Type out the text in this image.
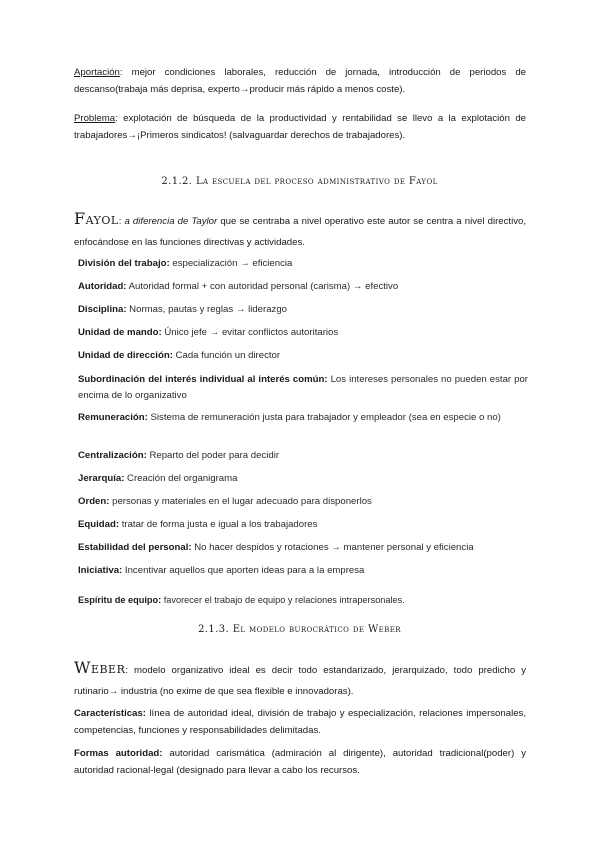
Aportación: mejor condiciones laborales, reducción de jornada, introducción de periodos de descanso(trabaja más deprisa, experto→producir más rápido a menos coste).

Problema: explotación de búsqueda de la productividad y rentabilidad se llevo a la explotación de trabajadores→¡Primeros sindicatos! (salvaguardar derechos de trabajadores).

2.1.2. La escuela del proceso administrativo de Fayol

Fayol: a diferencia de Taylor que se centraba a nivel operativo este autor se centra a nivel directivo, enfocándose en las funciones directivas y actividades.

División del trabajo: especialización → eficiencia
Autoridad: Autoridad formal + con autoridad personal (carisma) → efectivo
Disciplina: Normas, pautas y reglas → liderazgo
Unidad de mando: Único jefe → evitar conflictos autoritarios
Unidad de dirección: Cada función un director
Subordinación del interés individual al interés común: Los intereses personales no pueden estar por encima de lo organizativo
Remuneración: Sistema de remuneración justa para trabajador y empleador (sea en especie o no)
Centralización: Reparto del poder para decidir
Jerarquía: Creación del organigrama
Orden: personas y materiales en el lugar adecuado para disponerlos
Equidad: tratar de forma justa e igual a los trabajadores
Estabilidad del personal: No hacer despidos y rotaciones → mantener personal y eficiencia
Iniciativa: Incentivar aquellos que aporten ideas para a la empresa
Espíritu de equipo: favorecer el trabajo de equipo y relaciones intrapersonales.
2.1.3. El modelo burocrático de Weber

Weber: modelo organizativo ideal es decir todo estandarizado, jerarquizado, todo predicho y rutinario→ industria (no exime de que sea flexible e innovadoras).

Características: línea de autoridad ideal, división de trabajo y especialización, relaciones impersonales, competencias, funciones y responsabilidades delimitadas.

Formas autoridad: autoridad carismática (admiración al dirigente), autoridad tradicional(poder) y autoridad racional-legal (designado para llevar a cabo los recursos.
